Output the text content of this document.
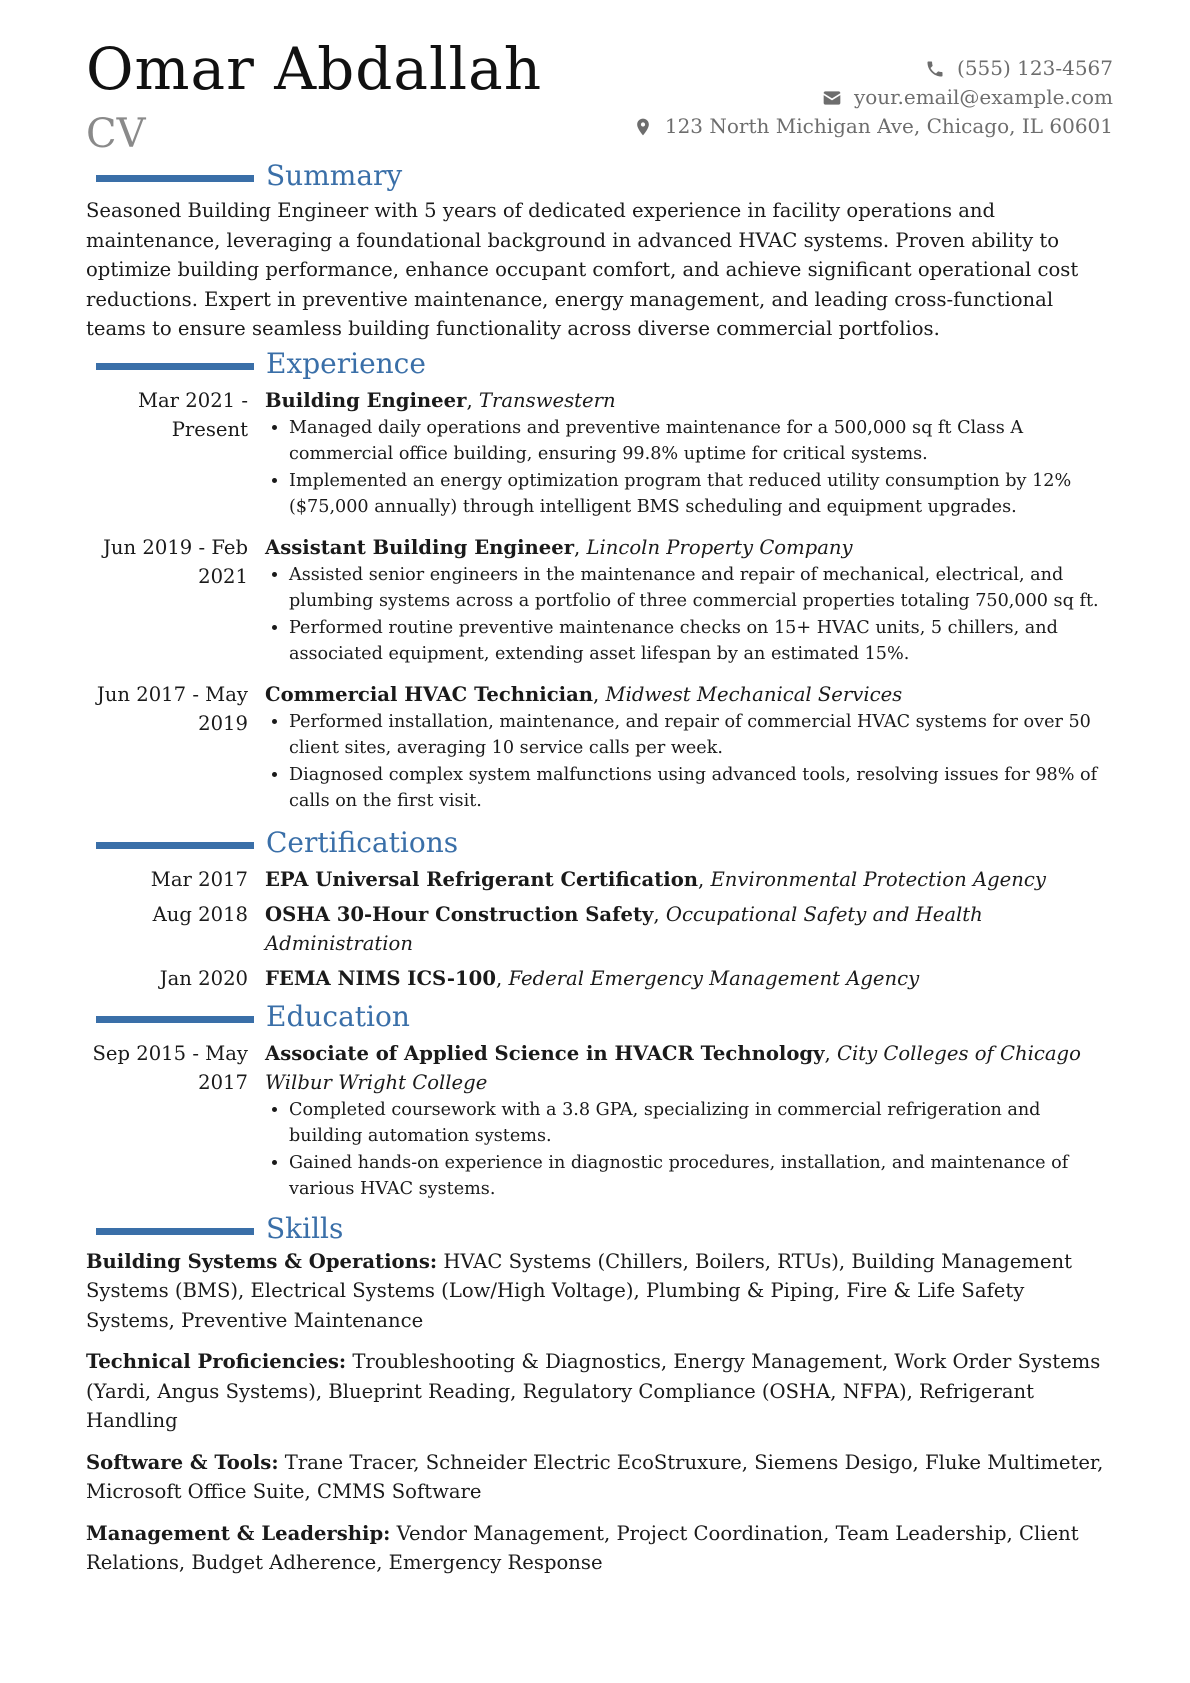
Omar Abdallah
CV
(555) 123-4567
your.email@example.com
123 North Michigan Ave, Chicago, IL 60601
Summary
Seasoned Building Engineer with 5 years of dedicated experience in facility operations and maintenance, leveraging a foundational background in advanced HVAC systems. Proven ability to optimize building performance, enhance occupant comfort, and achieve significant operational cost reductions. Expert in preventive maintenance, energy management, and leading cross-functional teams to ensure seamless building functionality across diverse commercial portfolios.
Experience
Mar 2021 - Present
Building Engineer, Transwestern
• Managed daily operations and preventive maintenance for a 500,000 sq ft Class A commercial office building, ensuring 99.8% uptime for critical systems.
• Implemented an energy optimization program that reduced utility consumption by 12% ($75,000 annually) through intelligent BMS scheduling and equipment upgrades.
Jun 2019 - Feb 2021
Assistant Building Engineer, Lincoln Property Company
• Assisted senior engineers in the maintenance and repair of mechanical, electrical, and plumbing systems across a portfolio of three commercial properties totaling 750,000 sq ft.
• Performed routine preventive maintenance checks on 15+ HVAC units, 5 chillers, and associated equipment, extending asset lifespan by an estimated 15%.
Jun 2017 - May 2019
Commercial HVAC Technician, Midwest Mechanical Services
• Performed installation, maintenance, and repair of commercial HVAC systems for over 50 client sites, averaging 10 service calls per week.
• Diagnosed complex system malfunctions using advanced tools, resolving issues for 98% of calls on the first visit.
Certifications
Mar 2017 EPA Universal Refrigerant Certification, Environmental Protection Agency
Aug 2018 OSHA 30-Hour Construction Safety, Occupational Safety and Health Administration
Jan 2020 FEMA NIMS ICS-100, Federal Emergency Management Agency
Education
Sep 2015 - May 2017
Associate of Applied Science in HVACR Technology, City Colleges of Chicago Wilbur Wright College
• Completed coursework with a 3.8 GPA, specializing in commercial refrigeration and building automation systems.
• Gained hands-on experience in diagnostic procedures, installation, and maintenance of various HVAC systems.
Skills

Building Systems & Operations: HVAC Systems (Chillers, Boilers, RTUs), Building Management Systems (BMS), Electrical Systems (Low/High Voltage), Plumbing & Piping, Fire & Life Safety Systems, Preventive Maintenance

Technical Proficiencies: Troubleshooting & Diagnostics, Energy Management, Work Order Systems (Yardi, Angus Systems), Blueprint Reading, Regulatory Compliance (OSHA, NFPA), Refrigerant Handling

Software & Tools: Trane Tracer, Schneider Electric EcoStruxure, Siemens Desigo, Fluke Multimeter, Microsoft Office Suite, CMMS Software

Management & Leadership: Vendor Management, Project Coordination, Team Leadership, Client Relations, Budget Adherence, Emergency Response
